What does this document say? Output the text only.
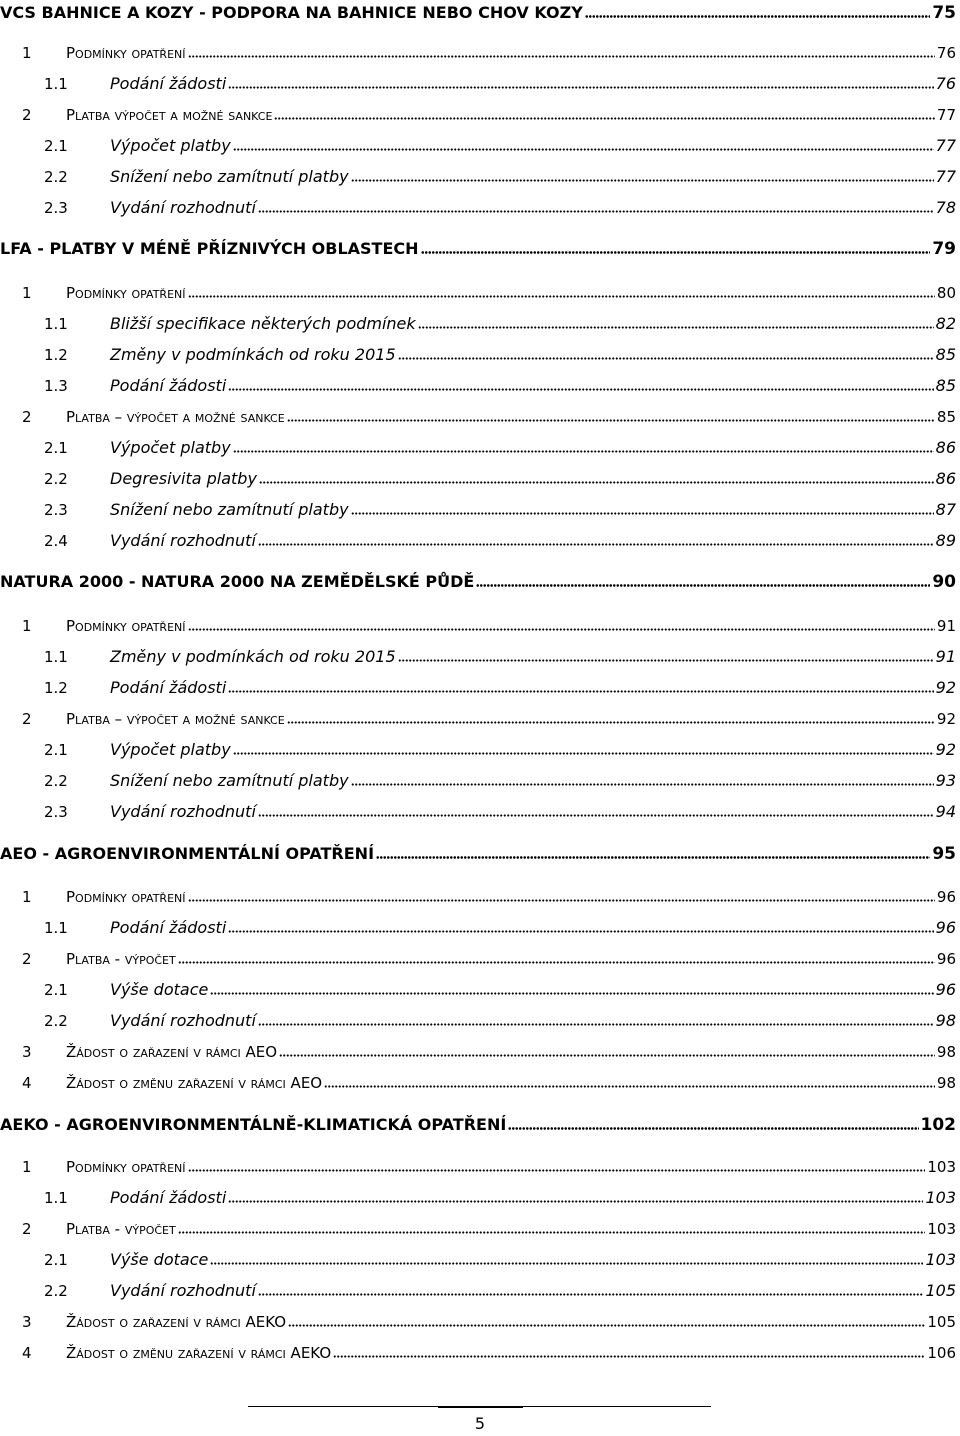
VCS BAHNICE A KOZY - PODPORA NA BAHNICE NEBO CHOV KOZY	75
1	Podmínky opatření	76
1.1	Podání žádosti	76
2	Platba výpočet a možné sankce	77
2.1	Výpočet platby	77
2.2	Snížení nebo zamítnutí platby	77
2.3	Vydání rozhodnutí	78
LFA - PLATBY V MÉNĚ PŘÍZNIVÝCH OBLASTECH	79
1	Podmínky opatření	80
1.1	Bližší specifikace některých podmínek	82
1.2	Změny v podmínkách od roku 2015	85
1.3	Podání žádosti	85
2	Platba – výpočet a možné sankce	85
2.1	Výpočet platby	86
2.2	Degresivita platby	86
2.3	Snížení nebo zamítnutí platby	87
2.4	Vydání rozhodnutí	89
NATURA 2000 - NATURA 2000 NA ZEMĚDĚLSKÉ PŮDĚ	90
1	Podmínky opatření	91
1.1	Změny v podmínkách od roku 2015	91
1.2	Podání žádosti	92
2	Platba – výpočet a možné sankce	92
2.1	Výpočet platby	92
2.2	Snížení nebo zamítnutí platby	93
2.3	Vydání rozhodnutí	94
AEO - AGROENVIRONMENTÁLNÍ OPATŘENÍ	95
1	Podmínky opatření	96
1.1	Podání žádosti	96
2	Platba - výpočet	96
2.1	Výše dotace	96
2.2	Vydání rozhodnutí	98
3	Žádost o zařazení v rámci AEO	98
4	Žádost o změnu zařazení v rámci AEO	98
AEKO - AGROENVIRONMENTÁLNĚ-KLIMATICKÁ OPATŘENÍ	102
1	Podmínky opatření	103
1.1	Podání žádosti	103
2	Platba - výpočet	103
2.1	Výše dotace	103
2.2	Vydání rozhodnutí	105
3	Žádost o zařazení v rámci AEKO	105
4	Žádost o změnu zařazení v rámci AEKO	106
5
